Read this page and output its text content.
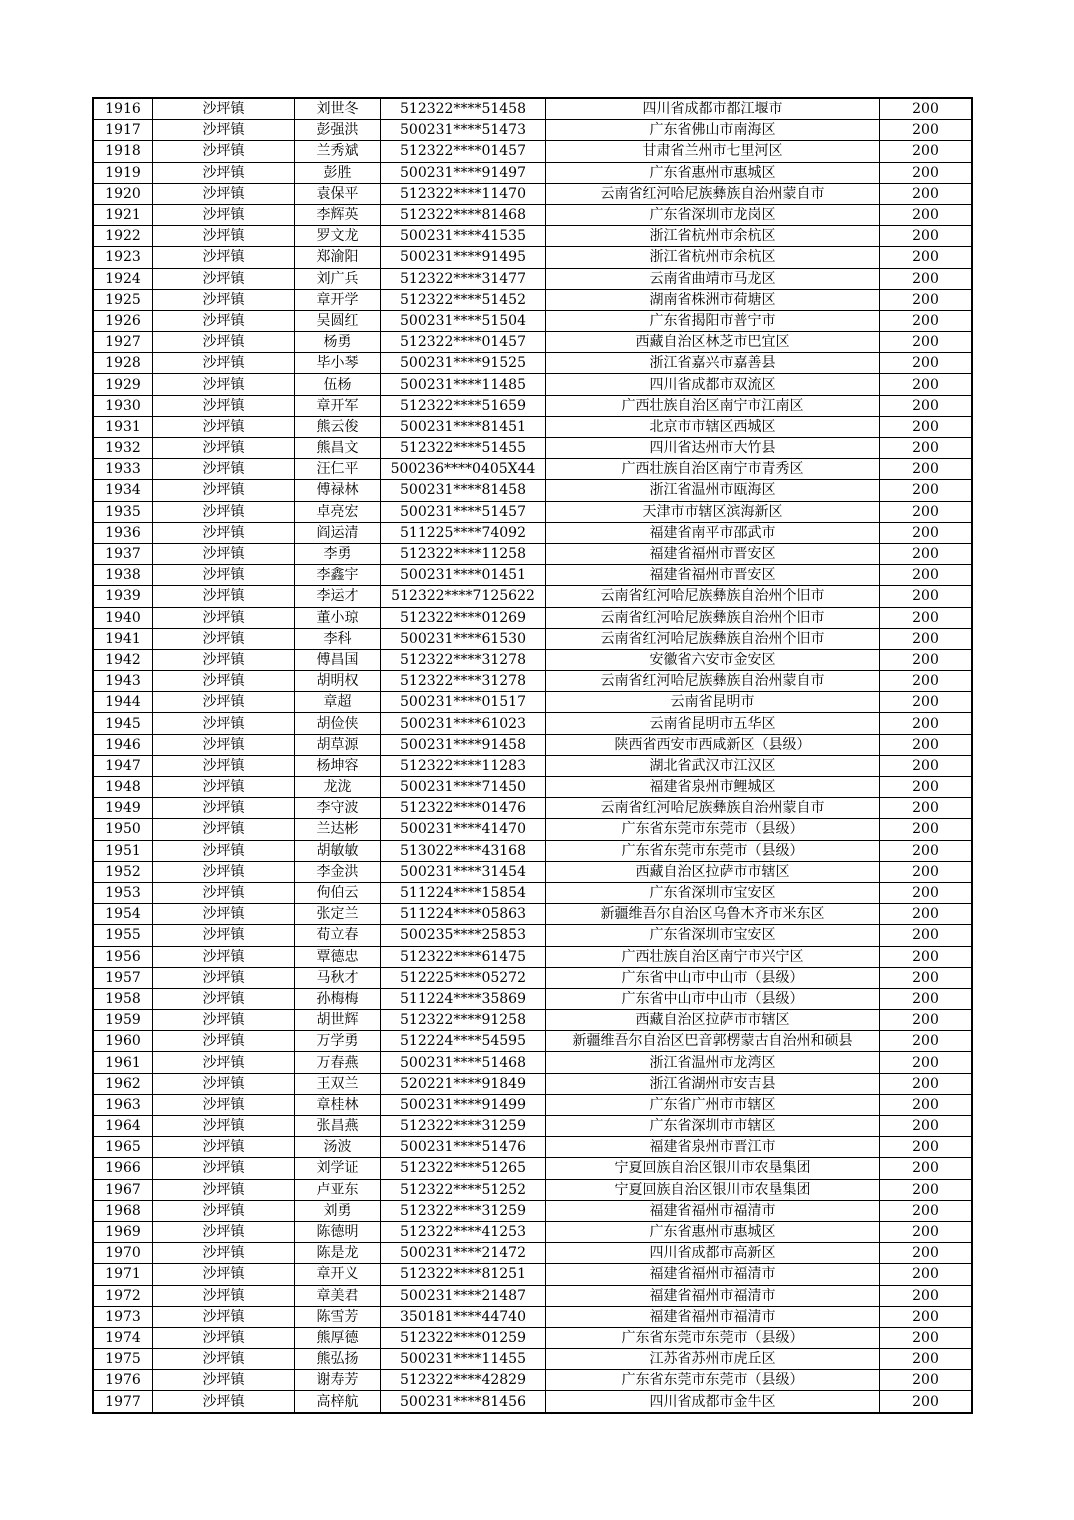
1916	沙坪镇	刘世冬	512322****51458	四川省成都市都江堰市	200
1917	沙坪镇	彭强洪	500231****51473	广东省佛山市南海区	200
1918	沙坪镇	兰秀斌	512322****01457	甘肃省兰州市七里河区	200
1919	沙坪镇	彭胜	500231****91497	广东省惠州市惠城区	200
1920	沙坪镇	袁保平	512322****11470	云南省红河哈尼族彝族自治州蒙自市	200
1921	沙坪镇	李辉英	512322****81468	广东省深圳市龙岗区	200
1922	沙坪镇	罗文龙	500231****41535	浙江省杭州市余杭区	200
1923	沙坪镇	郑渝阳	500231****91495	浙江省杭州市余杭区	200
1924	沙坪镇	刘广兵	512322****31477	云南省曲靖市马龙区	200
1925	沙坪镇	章开学	512322****51452	湖南省株洲市荷塘区	200
1926	沙坪镇	吴圆红	500231****51504	广东省揭阳市普宁市	200
1927	沙坪镇	杨勇	512322****01457	西藏自治区林芝市巴宜区	200
1928	沙坪镇	毕小琴	500231****91525	浙江省嘉兴市嘉善县	200
1929	沙坪镇	伍杨	500231****11485	四川省成都市双流区	200
1930	沙坪镇	章开军	512322****51659	广西壮族自治区南宁市江南区	200
1931	沙坪镇	熊云俊	500231****81451	北京市市辖区西城区	200
1932	沙坪镇	熊昌文	512322****51455	四川省达州市大竹县	200
1933	沙坪镇	汪仁平	500236****0405X44	广西壮族自治区南宁市青秀区	200
1934	沙坪镇	傅禄林	500231****81458	浙江省温州市瓯海区	200
1935	沙坪镇	卓亮宏	500231****51457	天津市市辖区滨海新区	200
1936	沙坪镇	阎运清	511225****74092	福建省南平市邵武市	200
1937	沙坪镇	李勇	512322****11258	福建省福州市晋安区	200
1938	沙坪镇	李鑫宇	500231****01451	福建省福州市晋安区	200
1939	沙坪镇	李运才	512322****7125622	云南省红河哈尼族彝族自治州个旧市	200
1940	沙坪镇	董小琼	512322****01269	云南省红河哈尼族彝族自治州个旧市	200
1941	沙坪镇	李科	500231****61530	云南省红河哈尼族彝族自治州个旧市	200
1942	沙坪镇	傅昌国	512322****31278	安徽省六安市金安区	200
1943	沙坪镇	胡明权	512322****31278	云南省红河哈尼族彝族自治州蒙自市	200
1944	沙坪镇	章超	500231****01517	云南省昆明市	200
1945	沙坪镇	胡俭侠	500231****61023	云南省昆明市五华区	200
1946	沙坪镇	胡草源	500231****91458	陕西省西安市西咸新区（县级）	200
1947	沙坪镇	杨坤容	512322****11283	湖北省武汉市江汉区	200
1948	沙坪镇	龙泷	500231****71450	福建省泉州市鲤城区	200
1949	沙坪镇	李守波	512322****01476	云南省红河哈尼族彝族自治州蒙自市	200
1950	沙坪镇	兰达彬	500231****41470	广东省东莞市东莞市（县级）	200
1951	沙坪镇	胡敏敏	513022****43168	广东省东莞市东莞市（县级）	200
1952	沙坪镇	李金洪	500231****31454	西藏自治区拉萨市市辖区	200
1953	沙坪镇	佝伯云	511224****15854	广东省深圳市宝安区	200
1954	沙坪镇	张定兰	511224****05863	新疆维吾尔自治区乌鲁木齐市米东区	200
1955	沙坪镇	荀立春	500235****25853	广东省深圳市宝安区	200
1956	沙坪镇	覃德忠	512322****61475	广西壮族自治区南宁市兴宁区	200
1957	沙坪镇	马秋才	512225****05272	广东省中山市中山市（县级）	200
1958	沙坪镇	孙梅梅	511224****35869	广东省中山市中山市（县级）	200
1959	沙坪镇	胡世辉	512322****91258	西藏自治区拉萨市市辖区	200
1960	沙坪镇	万学勇	512224****54595	新疆维吾尔自治区巴音郭楞蒙古自治州和硕县	200
1961	沙坪镇	万春燕	500231****51468	浙江省温州市龙湾区	200
1962	沙坪镇	王双兰	520221****91849	浙江省湖州市安吉县	200
1963	沙坪镇	章桂林	500231****91499	广东省广州市市辖区	200
1964	沙坪镇	张昌燕	512322****31259	广东省深圳市市辖区	200
1965	沙坪镇	汤波	500231****51476	福建省泉州市晋江市	200
1966	沙坪镇	刘学证	512322****51265	宁夏回族自治区银川市农垦集团	200
1967	沙坪镇	卢亚东	512322****51252	宁夏回族自治区银川市农垦集团	200
1968	沙坪镇	刘勇	512322****31259	福建省福州市福清市	200
1969	沙坪镇	陈德明	512322****41253	广东省惠州市惠城区	200
1970	沙坪镇	陈是龙	500231****21472	四川省成都市高新区	200
1971	沙坪镇	章开义	512322****81251	福建省福州市福清市	200
1972	沙坪镇	章美君	500231****21487	福建省福州市福清市	200
1973	沙坪镇	陈雪芳	350181****44740	福建省福州市福清市	200
1974	沙坪镇	熊厚德	512322****01259	广东省东莞市东莞市（县级）	200
1975	沙坪镇	熊弘扬	500231****11455	江苏省苏州市虎丘区	200
1976	沙坪镇	谢寿芳	512322****42829	广东省东莞市东莞市（县级）	200
1977	沙坪镇	高梓航	500231****81456	四川省成都市金牛区	200
